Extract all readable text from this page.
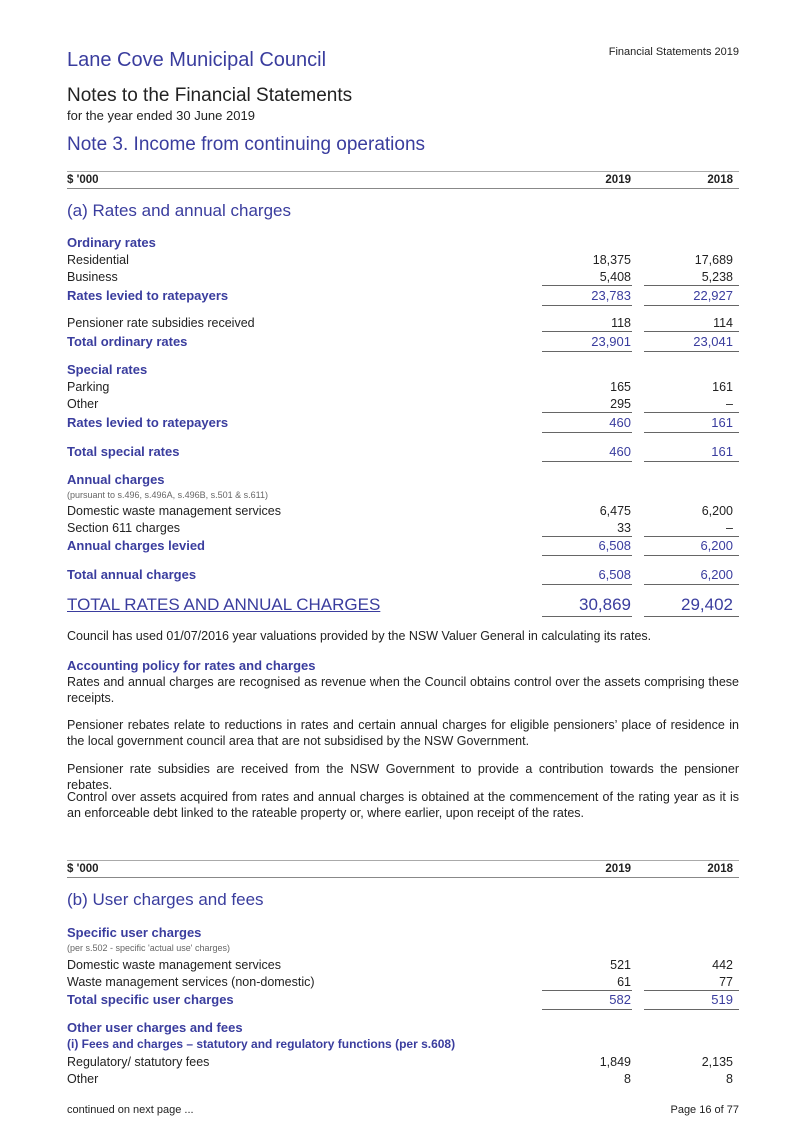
Lane Cove Municipal Council	Financial Statements 2019
Notes to the Financial Statements
for the year ended 30 June 2019
Note 3. Income from continuing operations
$ '000	2019	2018
(a) Rates and annual charges
Ordinary rates
Residential	18,375	17,689
Business	5,408	5,238
Rates levied to ratepayers	23,783	22,927
Pensioner rate subsidies received	118	114
Total ordinary rates	23,901	23,041
Special rates
Parking	165	161
Other	295	–
Rates levied to ratepayers	460	161
Total special rates	460	161
Annual charges
(pursuant to s.496, s.496A, s.496B, s.501 & s.611)
Domestic waste management services	6,475	6,200
Section 611 charges	33	–
Annual charges levied	6,508	6,200
Total annual charges	6,508	6,200
TOTAL RATES AND ANNUAL CHARGES	30,869	29,402
Council has used 01/07/2016 year valuations provided by the NSW Valuer General in calculating its rates.
Accounting policy for rates and charges
Rates and annual charges are recognised as revenue when the Council obtains control over the assets comprising these receipts.
Pensioner rebates relate to reductions in rates and certain annual charges for eligible pensioners’ place of residence in the local government council area that are not subsidised by the NSW Government.
Pensioner rate subsidies are received from the NSW Government to provide a contribution towards the pensioner rebates.
Control over assets acquired from rates and annual charges is obtained at the commencement of the rating year as it is an enforceable debt linked to the rateable property or, where earlier, upon receipt of the rates.
$ '000	2019	2018
(b) User charges and fees
Specific user charges
(per s.502 - specific 'actual use' charges)
Domestic waste management services	521	442
Waste management services (non-domestic)	61	77
Total specific user charges	582	519
Other user charges and fees
(i) Fees and charges – statutory and regulatory functions (per s.608)
Regulatory/ statutory fees	1,849	2,135
Other	8	8
continued on next page ...	Page 16 of 77
